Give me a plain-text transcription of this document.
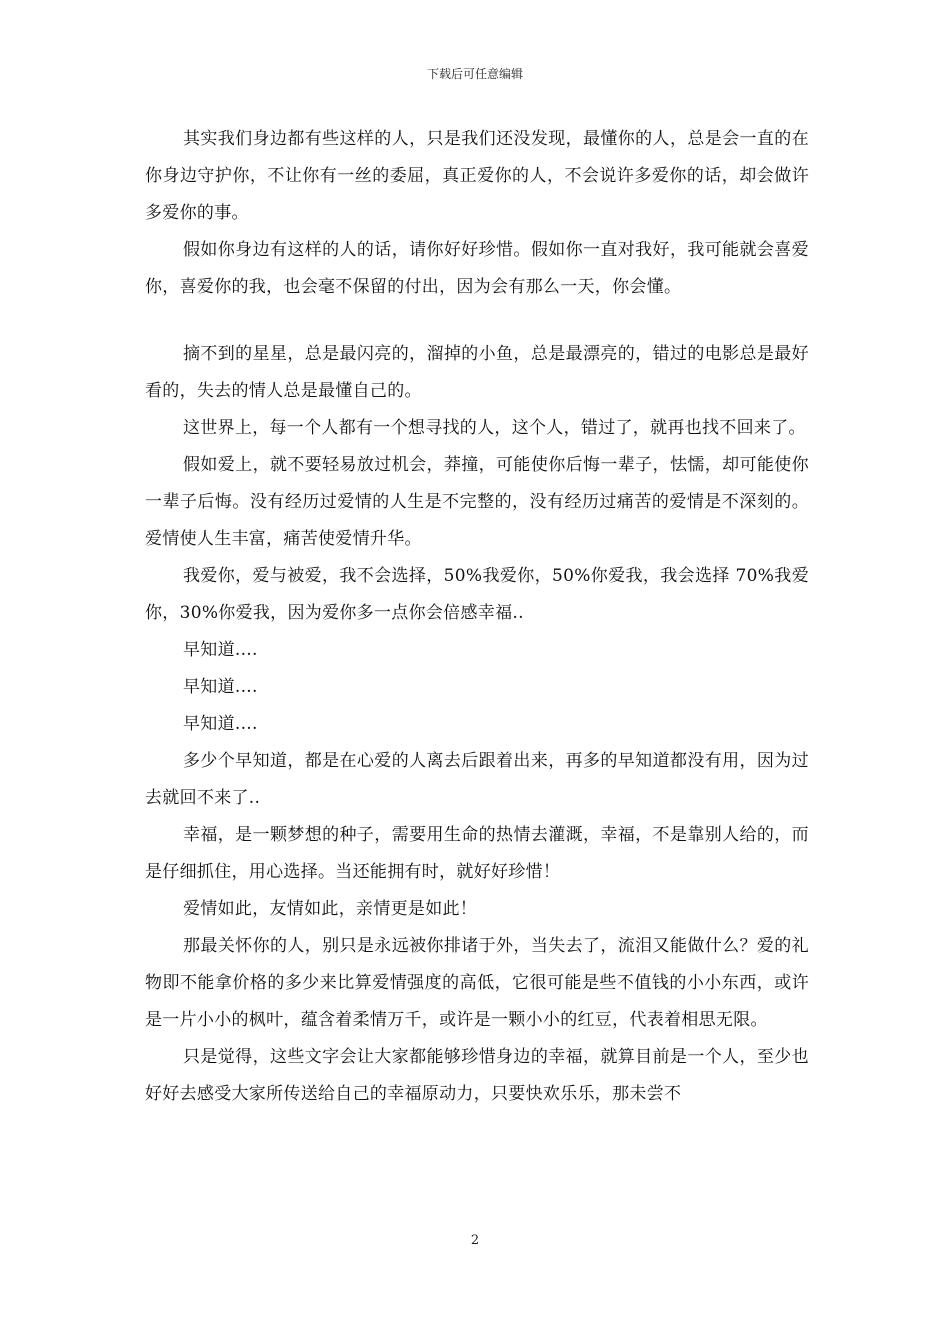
下载后可任意编辑

其实我们身边都有些这样的人，只是我们还没发现，最懂你的人，总是会一直的在你身边守护你，不让你有一丝的委屈，真正爱你的人，不会说许多爱你的话，却会做许多爱你的事。

假如你身边有这样的人的话，请你好好珍惜。假如你一直对我好，我可能就会喜爱你，喜爱你的我，也会毫不保留的付出，因为会有那么一天，你会懂。

摘不到的星星，总是最闪亮的，溜掉的小鱼，总是最漂亮的，错过的电影总是最好看的，失去的情人总是最懂自己的。

这世界上，每一个人都有一个想寻找的人，这个人，错过了，就再也找不回来了。

假如爱上，就不要轻易放过机会，莽撞，可能使你后悔一辈子，怯懦，却可能使你一辈子后悔。没有经历过爱情的人生是不完整的，没有经历过痛苦的爱情是不深刻的。爱情使人生丰富，痛苦使爱情升华。

我爱你，爱与被爱，我不会选择，50%我爱你，50%你爱我，我会选择 70%我爱你，30%你爱我，因为爱你多一点你会倍感幸福..

早知道....

早知道....

早知道....

多少个早知道，都是在心爱的人离去后跟着出来，再多的早知道都没有用，因为过去就回不来了..

幸福，是一颗梦想的种子，需要用生命的热情去灌溉，幸福，不是靠别人给的，而是仔细抓住，用心选择。当还能拥有时，就好好珍惜！

爱情如此，友情如此，亲情更是如此！

那最关怀你的人，别只是永远被你排诸于外，当失去了，流泪又能做什么？爱的礼物即不能拿价格的多少来比算爱情强度的高低，它很可能是些不值钱的小小东西，或许是一片小小的枫叶，蕴含着柔情万千，或许是一颗小小的红豆，代表着相思无限。

只是觉得，这些文字会让大家都能够珍惜身边的幸福，就算目前是一个人，至少也好好去感受大家所传送给自己的幸福原动力，只要快欢乐乐，那未尝不

2
